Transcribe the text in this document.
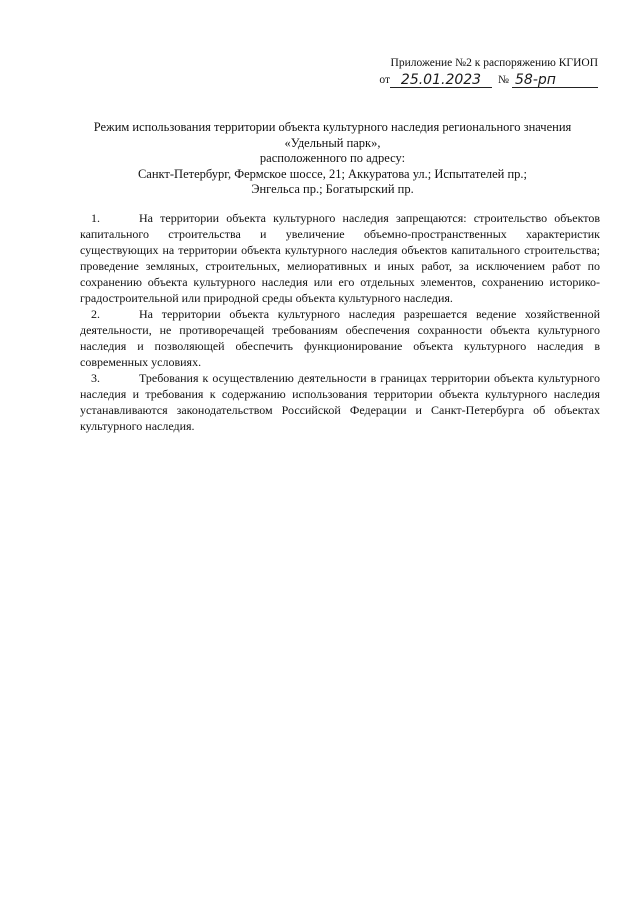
Приложение №2 к распоряжению КГИОП
от 25.01.2023	№ 58-рп
Режим использования территории объекта культурного наследия регионального значения
«Удельный парк»,
расположенного по адресу:
Санкт-Петербург, Фермское шоссе, 21; Аккуратова ул.; Испытателей пр.;
Энгельса пр.; Богатырский пр.

1.	На территории объекта культурного наследия запрещаются: строительство объектов капитального строительства и увеличение объемно-пространственных характеристик существующих на территории объекта культурного наследия объектов капитального строительства; проведение земляных, строительных, мелиоративных и иных работ, за исключением работ по сохранению объекта культурного наследия или его отдельных элементов, сохранению историко-градостроительной или природной среды объекта культурного наследия.

2.	На территории объекта культурного наследия разрешается ведение хозяйственной деятельности, не противоречащей требованиям обеспечения сохранности объекта культурного наследия и позволяющей обеспечить функционирование объекта культурного наследия в современных условиях.

3.	Требования к осуществлению деятельности в границах территории объекта культурного наследия и требования к содержанию использования территории объекта культурного наследия устанавливаются законодательством Российской Федерации и Санкт-Петербурга об объектах культурного наследия.
